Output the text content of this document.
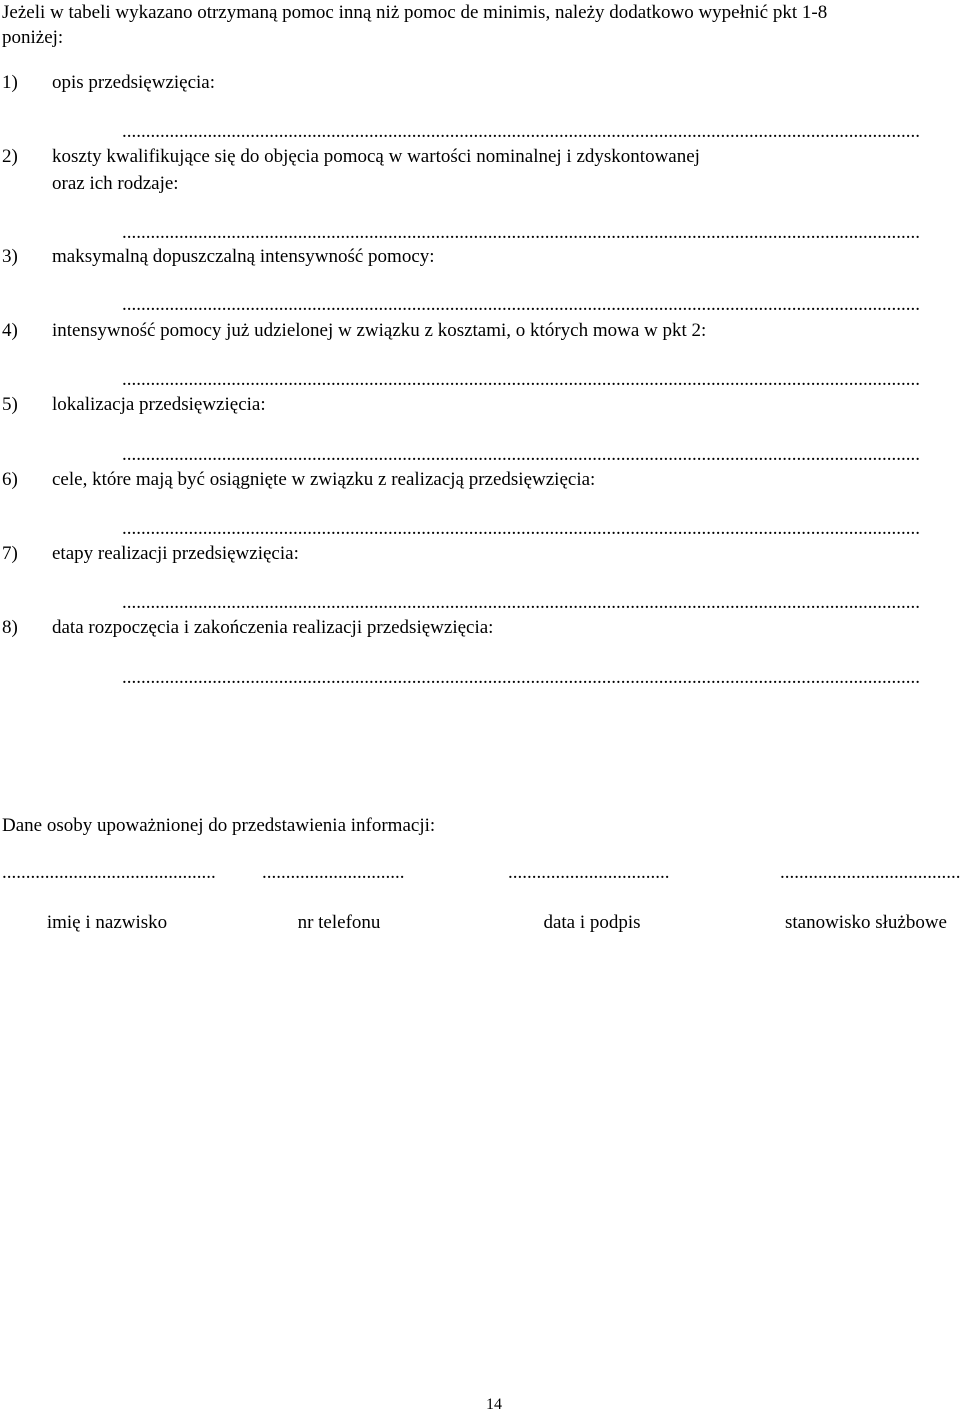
Jeżeli w tabeli wykazano otrzymaną pomoc inną niż pomoc de minimis, należy dodatkowo wypełnić pkt 1-8
poniżej:
1) opis przedsięwzięcia:
........................................................................................................................................................................
2) koszty kwalifikujące się do objęcia pomocą w wartości nominalnej i zdyskontowanej
oraz ich rodzaje:
........................................................................................................................................................................
3) maksymalną dopuszczalną intensywność pomocy:
........................................................................................................................................................................
4) intensywność pomocy już udzielonej w związku z kosztami, o których mowa w pkt 2:
........................................................................................................................................................................
5) lokalizacja przedsięwzięcia:
........................................................................................................................................................................
6) cele, które mają być osiągnięte w związku z realizacją przedsięwzięcia:
........................................................................................................................................................................
7) etapy realizacji przedsięwzięcia:
........................................................................................................................................................................
8) data rozpoczęcia i zakończenia realizacji przedsięwzięcia:
........................................................................................................................................................................
Dane osoby upoważnionej do przedstawienia informacji:
.............................................
imię i nazwisko
..............................
nr telefonu
..................................
data i podpis
......................................
stanowisko służbowe
14
